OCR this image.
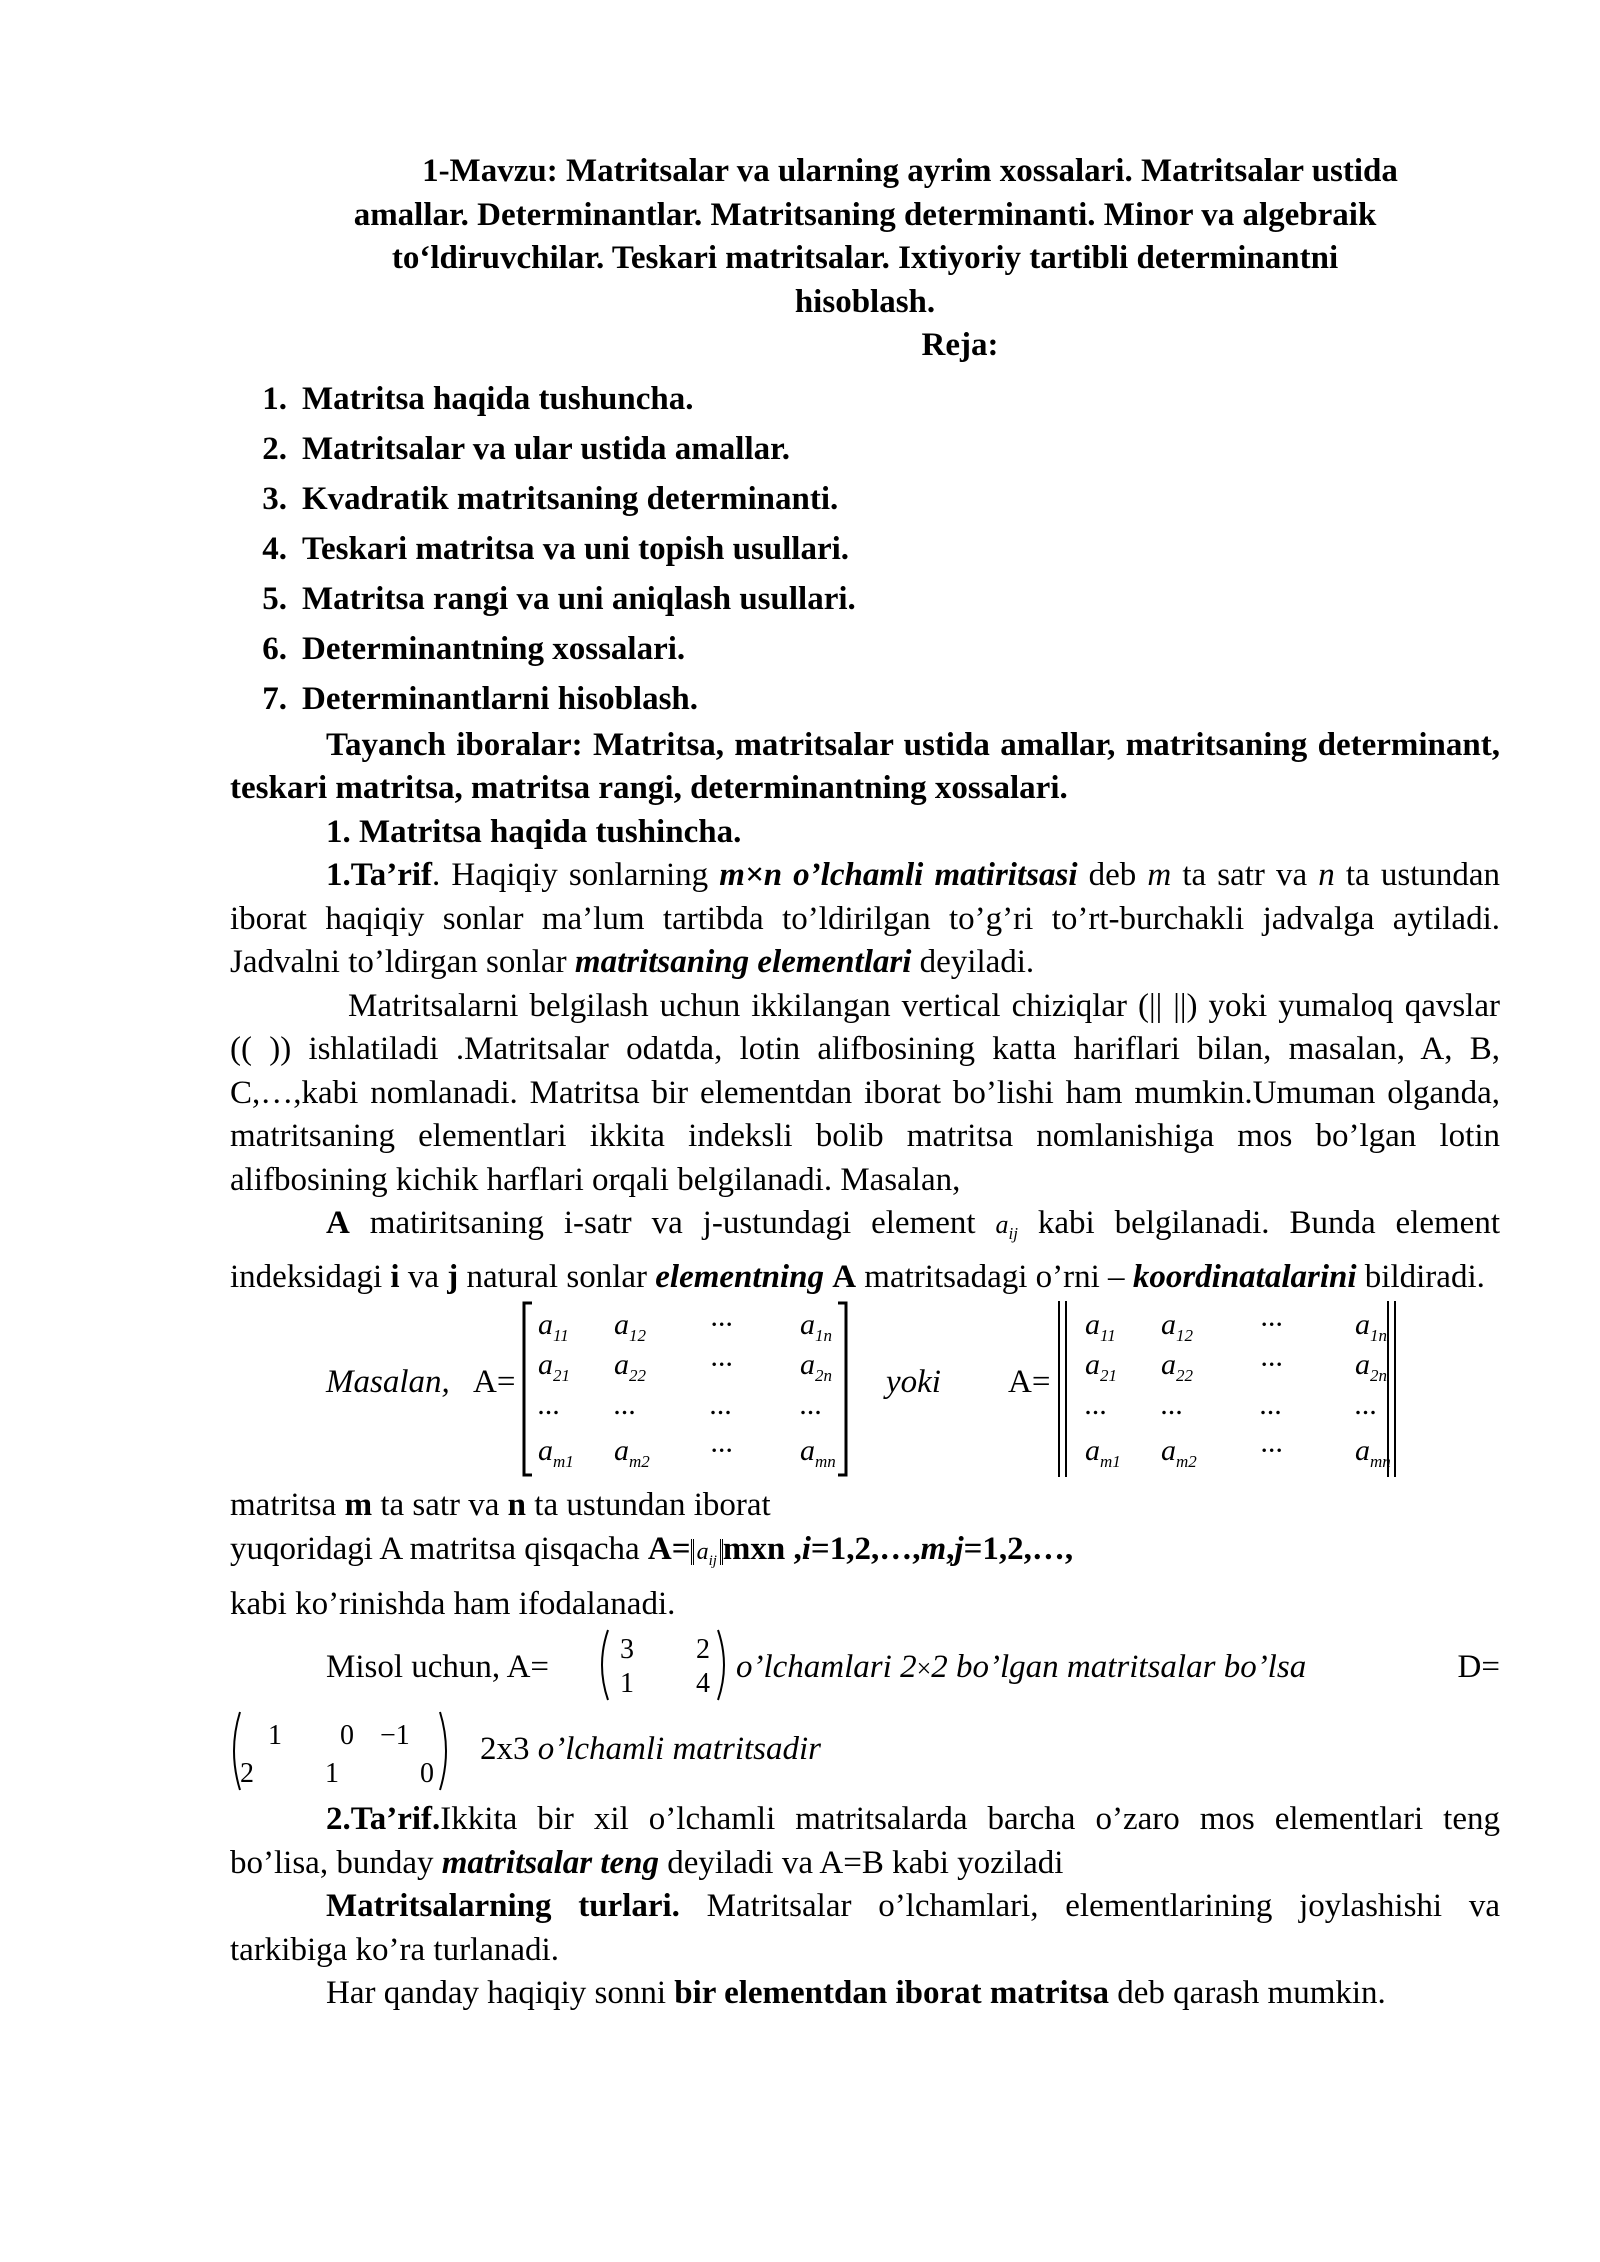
1-Mavzu: Matritsalar va ularning ayrim xossalari. Matritsalar ustida

amallar. Determinantlar. Matritsaning determinanti. Minor va algebraik

to‘ldiruvchilar. Teskari matritsalar. Ixtiyoriy tartibli determinantni

hisoblash.

Reja:

1. Matritsa haqida tushuncha.
2. Matritsalar va ular ustida amallar.
3. Kvadratik matritsaning determinanti.
4. Teskari matritsa va uni topish usullari.
5. Matritsa rangi va uni aniqlash usullari.
6. Determinantning xossalari.
7. Determinantlarni hisoblash.

Tayanch iboralar: Matritsa, matritsalar ustida amallar, matritsaning determinant, teskari matritsa, matritsa rangi, determinantning xossalari.

1. Matritsa haqida tushincha.

1.Ta’rif. Haqiqiy sonlarning m×n o’lchamli matiritsasi deb m ta satr va n ta ustundan iborat haqiqiy sonlar ma’lum tartibda to’ldirilgan to’g’ri to’rt-burchakli jadvalga aytiladi. Jadvalni to’ldirgan sonlar matritsaning elementlari deyiladi.

Matritsalarni belgilash uchun ikkilangan vertical chiziqlar (|| ||) yoki yumaloq qavslar (( )) ishlatiladi .Matritsalar odatda, lotin alifbosining katta hariflari bilan, masalan, A, B, C,…,kabi nomlanadi. Matritsa bir elementdan iborat bo’lishi ham mumkin.Umuman olganda, matritsaning elementlari ikkita indeksli bolib matritsa nomlanishiga mos bo’lgan lotin alifbosining kichik harflari orqali belgilanadi. Masalan,

A matiritsaning i-satr va j-ustundagi element $a_{ij}$ kabi belgilanadi. Bunda element indeksidagi i va j natural sonlar elementning A matritsadagi o’rni – koordinatalarini bildiradi.

Masalan, A=
$a_{11}$ $a_{12}$ ··· $a_{1n}$
$a_{21}$ $a_{22}$ ··· $a_{2n}$
... ... ... ...
$a_{m1}$ $a_{m2}$ ··· $a_{mn}$
yoki A=
$a_{11}$ $a_{12}$ ··· $a_{1n}$
$a_{21}$ $a_{22}$ ··· $a_{2n}$
... ...	... ...
$a_{m1}$ $a_{m2}$ ··· $a_{mn}$

matritsa m ta satr va n ta ustundan iborat

yuqoridagi A matritsa qisqacha $A= a_{ij}$ mxn ,i=1,2,…,m,j=1,2,…,

kabi ko’rinishda ham ifodalanadi.

Misol uchun, A=	3 2
1 4 o’lchamlari 2×2 bo’lgan matritsalar bo’lsa	D=
1 0 −1
2	1	0
2x3 o’lchamli matritsadir

2.Ta’rif.Ikkita bir xil o’lchamli matritsalarda barcha o’zaro mos elementlari teng bo’lisa, bunday matritsalar teng deyiladi va A=B kabi yoziladi

Matritsalarning turlari. Matritsalar o’lchamlari, elementlarining joylashishi va tarkibiga ko’ra turlanadi.

Har qanday haqiqiy sonni bir elementdan iborat matritsa deb qarash mumkin.
